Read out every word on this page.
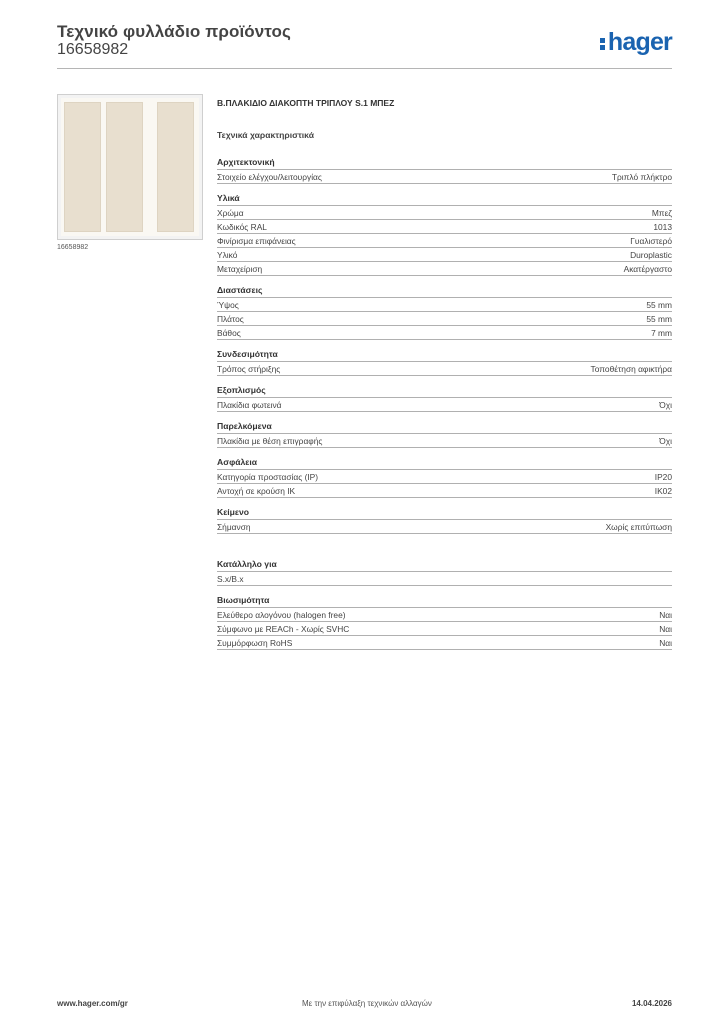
Τεχνικό φυλλάδιο προϊόντος
16658982	hager
16658982
Β.ΠΛΑΚΙΔΙΟ ΔΙΑΚΟΠΤΗ ΤΡΙΠΛΟΥ S.1 ΜΠΕΖ
Τεχνικά χαρακτηριστικά
Αρχιτεκτονική
Στοιχείο ελέγχου/λειτουργίας	Τριπλό πλήκτρο
Υλικά
Χρώμα	Μπεζ
Κωδικός RAL	1013
Φινίρισμα επιφάνειας	Γυαλιστερό
Υλικό	Duroplastic
Μεταχείριση	Ακατέργαστο
Διαστάσεις
Ύψος	55 mm
Πλάτος	55 mm
Βάθος	7 mm
Συνδεσιμότητα
Τρόπος στήριξης	Τοποθέτηση αφικτήρα
Εξοπλισμός
Πλακίδια φωτεινά	Όχι
Παρελκόμενα
Πλακίδια με θέση επιγραφής	Όχι
Ασφάλεια
Κατηγορία προστασίας (IP)	IP20
Αντοχή σε κρούση IK	IK02
Κείμενο
Σήμανση	Χωρίς επιτύπωση
Κατάλληλο για
S.x/B.x
Βιωσιμότητα
Ελεύθερο αλογόνου (halogen free)	Ναι
Σύμφωνο με REACh - Χωρίς SVHC	Ναι
Συμμόρφωση RoHS	Ναι
www.hager.com/gr	Με την επιφύλαξη τεχνικών αλλαγών	14.04.2026
